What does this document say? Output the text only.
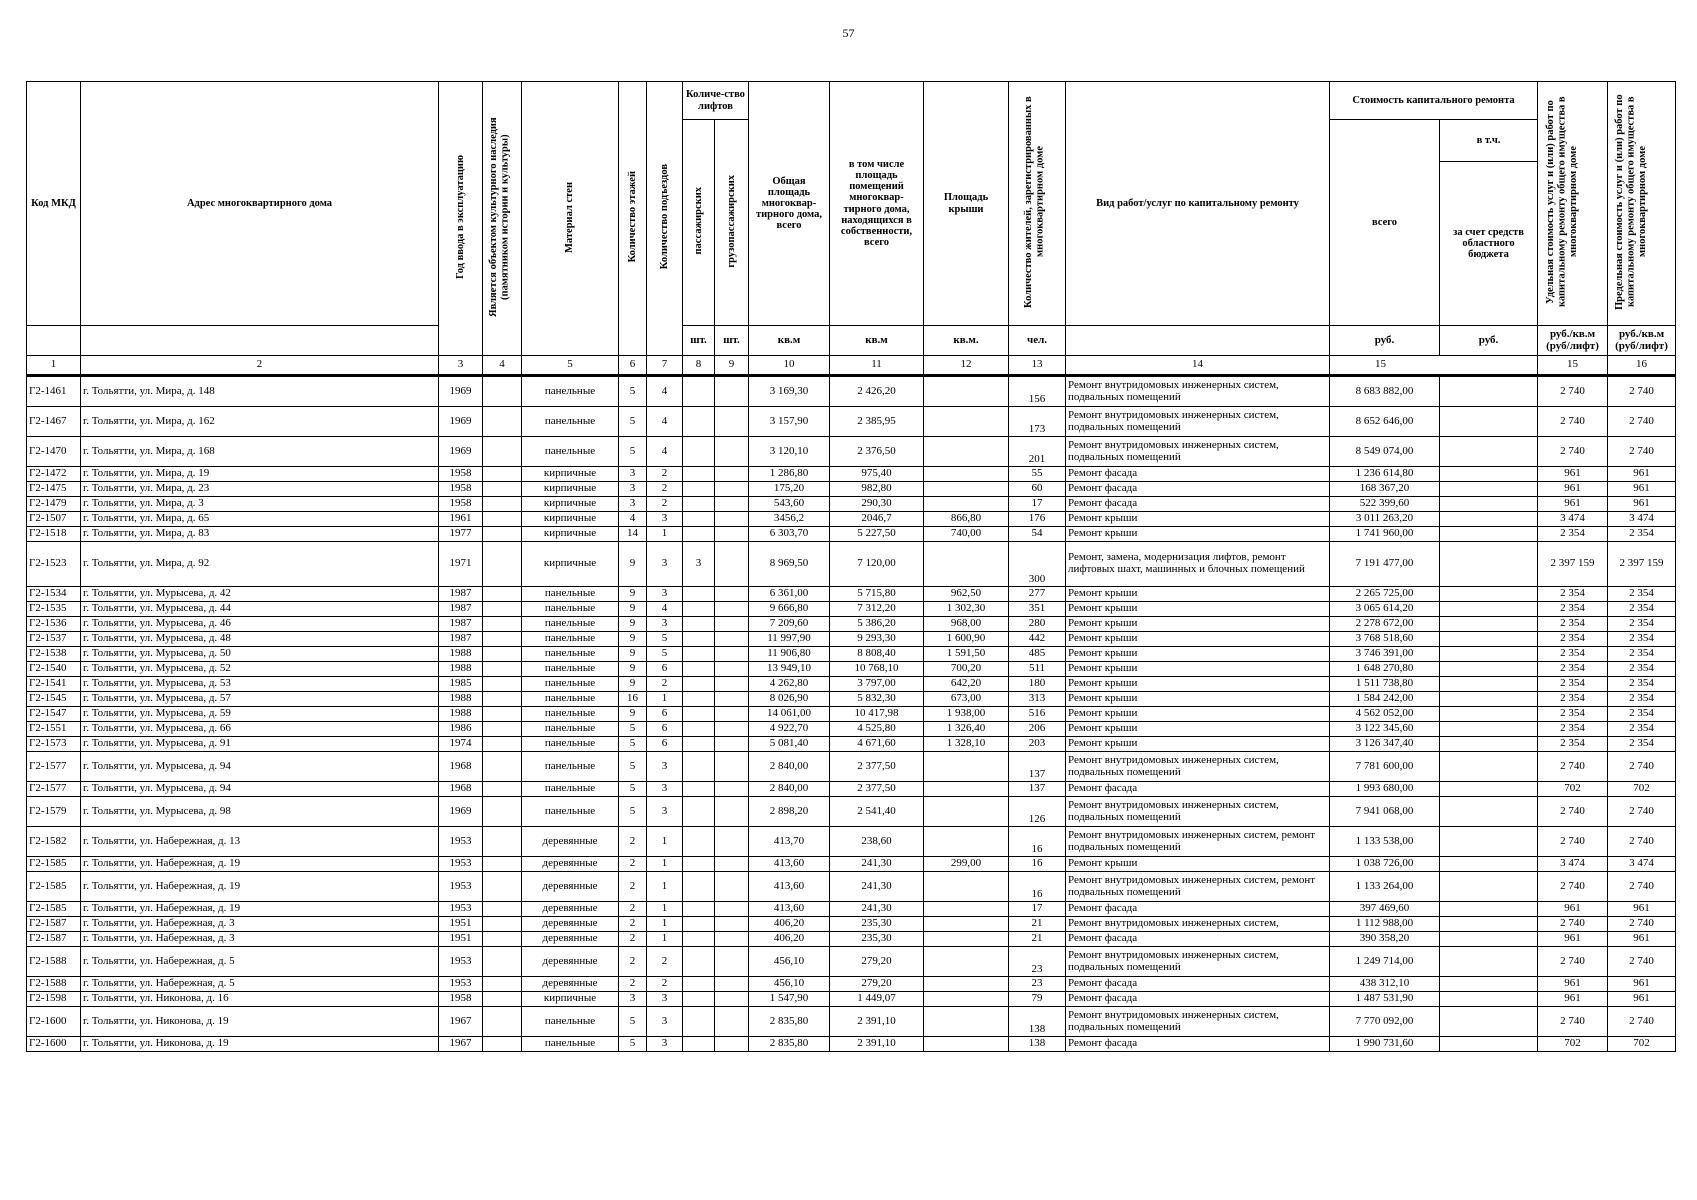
57
Код МКД	Адрес многоквартирного дома	Год ввода в эксплуатацию	Является объектом культурного наследия (памятником истории и культуры)	Материал стен	Количество этажей	Количество подъездов	Количе-ство лифтов		Общая площадь многоквар-тирного дома, всего	в том числе площадь помещений многоквар-тирного дома, находящихся в собственности, всего	Площадь крыши	Количество жителей, зарегистрированных в многоквартирном доме	Вид работ/услуг по капитальному ремонту	Стоимость капитального ремонта		Удельная стоимость услуг и (или) работ по капитальному ремонту общего имущества в многоквартирном доме	Предельная стоимость услуг и (или) работ по капитальному ремонту общего имущества в многоквартирном доме
							пассажирских	грузопассажирских						всего	в т.ч.		
															за счет средств областного бюджета		
							шт.	шт.	кв.м	кв.м	кв.м.	чел.		руб.	руб.	руб./кв.м (руб/лифт)	руб./кв.м (руб/лифт)
1	2	3	4	5	6	7	8	9	10	11	12	13	14	15		15	16
Г2-1461	г. Тольятти, ул. Мира, д. 148	1969		панельные	5	4			3 169,30	2 426,20		156	Ремонт внутридомовых инженерных систем, подвальных помещений	8 683 882,00		2 740	2 740
Г2-1467	г. Тольятти, ул. Мира, д. 162	1969		панельные	5	4			3 157,90	2 385,95		173	Ремонт внутридомовых инженерных систем, подвальных помещений	8 652 646,00		2 740	2 740
Г2-1470	г. Тольятти, ул. Мира, д. 168	1969		панельные	5	4			3 120,10	2 376,50		201	Ремонт внутридомовых инженерных систем, подвальных помещений	8 549 074,00		2 740	2 740
Г2-1472	г. Тольятти, ул. Мира, д. 19	1958		кирпичные	3	2			1 286,80	975,40		55	Ремонт фасада	1 236 614,80		961	961
Г2-1475	г. Тольятти, ул. Мира, д. 23	1958		кирпичные	3	2			175,20	982,80		60	Ремонт фасада	168 367,20		961	961
Г2-1479	г. Тольятти, ул. Мира, д. 3	1958		кирпичные	3	2			543,60	290,30		17	Ремонт фасада	522 399,60		961	961
Г2-1507	г. Тольятти, ул. Мира, д. 65	1961		кирпичные	4	3			3456,2	2046,7	866,80	176	Ремонт крыши	3 011 263,20		3 474	3 474
Г2-1518	г. Тольятти, ул. Мира, д. 83	1977		кирпичные	14	1			6 303,70	5 227,50	740,00	54	Ремонт крыши	1 741 960,00		2 354	2 354
Г2-1523	г. Тольятти, ул. Мира, д. 92	1971		кирпичные	9	3	3		8 969,50	7 120,00		300	Ремонт, замена, модернизация лифтов, ремонт лифтовых шахт, машинных и блочных помещений	7 191 477,00		2 397 159	2 397 159
Г2-1534	г. Тольятти, ул. Мурысева, д. 42	1987		панельные	9	3			6 361,00	5 715,80	962,50	277	Ремонт крыши	2 265 725,00		2 354	2 354
Г2-1535	г. Тольятти, ул. Мурысева, д. 44	1987		панельные	9	4			9 666,80	7 312,20	1 302,30	351	Ремонт крыши	3 065 614,20		2 354	2 354
Г2-1536	г. Тольятти, ул. Мурысева, д. 46	1987		панельные	9	3			7 209,60	5 386,20	968,00	280	Ремонт крыши	2 278 672,00		2 354	2 354
Г2-1537	г. Тольятти, ул. Мурысева, д. 48	1987		панельные	9	5			11 997,90	9 293,30	1 600,90	442	Ремонт крыши	3 768 518,60		2 354	2 354
Г2-1538	г. Тольятти, ул. Мурысева, д. 50	1988		панельные	9	5			11 906,80	8 808,40	1 591,50	485	Ремонт крыши	3 746 391,00		2 354	2 354
Г2-1540	г. Тольятти, ул. Мурысева, д. 52	1988		панельные	9	6			13 949,10	10 768,10	700,20	511	Ремонт крыши	1 648 270,80		2 354	2 354
Г2-1541	г. Тольятти, ул. Мурысева, д. 53	1985		панельные	9	2			4 262,80	3 797,00	642,20	180	Ремонт крыши	1 511 738,80		2 354	2 354
Г2-1545	г. Тольятти, ул. Мурысева, д. 57	1988		панельные	16	1			8 026,90	5 832,30	673,00	313	Ремонт крыши	1 584 242,00		2 354	2 354
Г2-1547	г. Тольятти, ул. Мурысева, д. 59	1988		панельные	9	6			14 061,00	10 417,98	1 938,00	516	Ремонт крыши	4 562 052,00		2 354	2 354
Г2-1551	г. Тольятти, ул. Мурысева, д. 66	1986		панельные	5	6			4 922,70	4 525,80	1 326,40	206	Ремонт крыши	3 122 345,60		2 354	2 354
Г2-1573	г. Тольятти, ул. Мурысева, д. 91	1974		панельные	5	6			5 081,40	4 671,60	1 328,10	203	Ремонт крыши	3 126 347,40		2 354	2 354
Г2-1577	г. Тольятти, ул. Мурысева, д. 94	1968		панельные	5	3			2 840,00	2 377,50		137	Ремонт внутридомовых инженерных систем, подвальных помещений	7 781 600,00		2 740	2 740
Г2-1577	г. Тольятти, ул. Мурысева, д. 94	1968		панельные	5	3			2 840,00	2 377,50		137	Ремонт фасада	1 993 680,00		702	702
Г2-1579	г. Тольятти, ул. Мурысева, д. 98	1969		панельные	5	3			2 898,20	2 541,40		126	Ремонт внутридомовых инженерных систем, подвальных помещений	7 941 068,00		2 740	2 740
Г2-1582	г. Тольятти, ул. Набережная, д. 13	1953		деревянные	2	1			413,70	238,60		16	Ремонт внутридомовых инженерных систем, ремонт подвальных помещений	1 133 538,00		2 740	2 740
Г2-1585	г. Тольятти, ул. Набережная, д. 19	1953		деревянные	2	1			413,60	241,30	299,00	16	Ремонт крыши	1 038 726,00		3 474	3 474
Г2-1585	г. Тольятти, ул. Набережная, д. 19	1953		деревянные	2	1			413,60	241,30		16	Ремонт внутридомовых инженерных систем, ремонт подвальных помещений	1 133 264,00		2 740	2 740
Г2-1585	г. Тольятти, ул. Набережная, д. 19	1953		деревянные	2	1			413,60	241,30		17	Ремонт фасада	397 469,60		961	961
Г2-1587	г. Тольятти, ул. Набережная, д. 3	1951		деревянные	2	1			406,20	235,30		21	Ремонт внутридомовых инженерных систем,	1 112 988,00		2 740	2 740
Г2-1587	г. Тольятти, ул. Набережная, д. 3	1951		деревянные	2	1			406,20	235,30		21	Ремонт фасада	390 358,20		961	961
Г2-1588	г. Тольятти, ул. Набережная, д. 5	1953		деревянные	2	2			456,10	279,20		23	Ремонт внутридомовых инженерных систем, подвальных помещений	1 249 714,00		2 740	2 740
Г2-1588	г. Тольятти, ул. Набережная, д. 5	1953		деревянные	2	2			456,10	279,20		23	Ремонт фасада	438 312,10		961	961
Г2-1598	г. Тольятти, ул. Никонова, д. 16	1958		кирпичные	3	3			1 547,90	1 449,07		79	Ремонт фасада	1 487 531,90		961	961
Г2-1600	г. Тольятти, ул. Никонова, д. 19	1967		панельные	5	3			2 835,80	2 391,10		138	Ремонт внутридомовых инженерных систем, подвальных помещений	7 770 092,00		2 740	2 740
Г2-1600	г. Тольятти, ул. Никонова, д. 19	1967		панельные	5	3			2 835,80	2 391,10		138	Ремонт фасада	1 990 731,60		702	702
